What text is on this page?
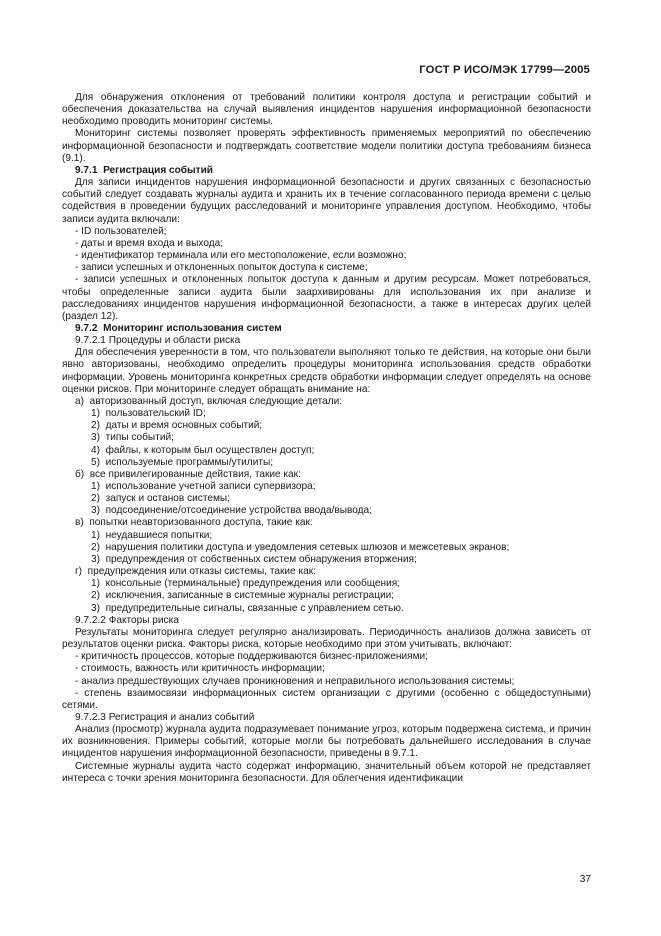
ГОСТ Р ИСО/МЭК 17799—2005

Для обнаружения отклонения от требований политики контроля доступа и регистрации событий и обеспечения доказательства на случай выявления инцидентов нарушения информационной безопасности необходимо проводить мониторинг системы.

Мониторинг системы позволяет проверять эффективность применяемых мероприятий по обеспечению информационной безопасности и подтверждать соответствие модели политики доступа требованиям бизнеса (9.1).

9.7.1 Регистрация событий

Для записи инцидентов нарушения информационной безопасности и других связанных с безопасностью событий следует создавать журналы аудита и хранить их в течение согласованного периода времени с целью содействия в проведении будущих расследований и мониторинге управления доступом. Необходимо, чтобы записи аудита включали:

- ID пользователей;

- даты и время входа и выхода;

- идентификатор терминала или его местоположение, если возможно;

- записи успешных и отклоненных попыток доступа к системе;

- записи успешных и отклоненных попыток доступа к данным и другим ресурсам. Может потребоваться, чтобы определенные записи аудита были заархивированы для использования их при анализе и расследованиях инцидентов нарушения информационной безопасности, а также в интересах других целей (раздел 12).

9.7.2 Мониторинг использования систем

9.7.2.1 Процедуры и области риска

Для обеспечения уверенности в том, что пользователи выполняют только те действия, на которые они были явно авторизованы, необходимо определить процедуры мониторинга использования средств обработки информации. Уровень мониторинга конкретных средств обработки информации следует определять на основе оценки рисков. При мониторинге следует обращать внимание на:

а) авторизованный доступ, включая следующие детали:

1) пользовательский ID;

2) даты и время основных событий;

3) типы событий;

4) файлы, к которым был осуществлен доступ;

5) используемые программы/утилиты;

б) все привилегированные действия, такие как:

1) использование учетной записи супервизора;

2) запуск и останов системы;

3) подсоединение/отсоединение устройства ввода/вывода;

в) попытки неавторизованного доступа, такие как:

1) неудавшиеся попытки;

2) нарушения политики доступа и уведомления сетевых шлюзов и межсетевых экранов;

3) предупреждения от собственных систем обнаружения вторжения;

г) предупреждения или отказы системы, такие как:

1) консольные (терминальные) предупреждения или сообщения;

2) исключения, записанные в системные журналы регистрации;

3) предупредительные сигналы, связанные с управлением сетью.

9.7.2.2 Факторы риска

Результаты мониторинга следует регулярно анализировать. Периодичность анализов должна зависеть от результатов оценки риска. Факторы риска, которые необходимо при этом учитывать, включают:

- критичность процессов, которые поддерживаются бизнес-приложениями;

- стоимость, важность или критичность информации;

- анализ предшествующих случаев проникновения и неправильного использования системы;

- степень взаимосвязи информационных систем организации с другими (особенно с общедоступными) сетями.

9.7.2.3 Регистрация и анализ событий

Анализ (просмотр) журнала аудита подразумевает понимание угроз, которым подвержена система, и причин их возникновения. Примеры событий, которые могли бы потребовать дальнейшего исследования в случае инцидентов нарушения информационной безопасности, приведены в 9.7.1.

Системные журналы аудита часто содержат информацию, значительный объем которой не представляет интереса с точки зрения мониторинга безопасности. Для облегчения идентификации

37
